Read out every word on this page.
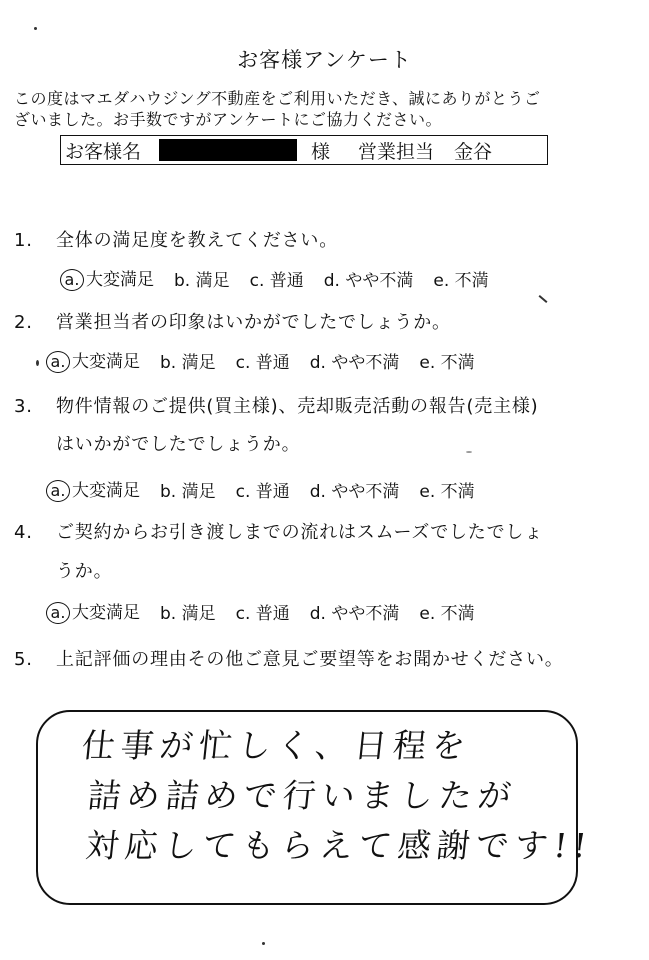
お客様アンケート
この度はマエダハウジング不動産をご利用いただき、誠にありがとうご
ざいました。お手数ですがアンケートにご協力ください。
お客様名	様 営業担当 金谷
1. 全体の満足度を教えてください。
a. 大変満足 b. 満足 c. 普通 d. やや不満 e. 不満
2. 営業担当者の印象はいかがでしたでしょうか。
a. 大変満足 b. 満足 c. 普通 d. やや不満 e. 不満
3. 物件情報のご提供(買主様)、売却販売活動の報告(売主様)
はいかがでしたでしょうか。
a. 大変満足 b. 満足 c. 普通 d. やや不満 e. 不満
4. ご契約からお引き渡しまでの流れはスムーズでしたでしょ
うか。
a. 大変満足 b. 満足 c. 普通 d. やや不満 e. 不満
5. 上記評価の理由その他ご意見ご要望等をお聞かせください。
仕事が忙しく、日程を
詰め詰めで行いましたが
対応してもらえて感謝です!!
